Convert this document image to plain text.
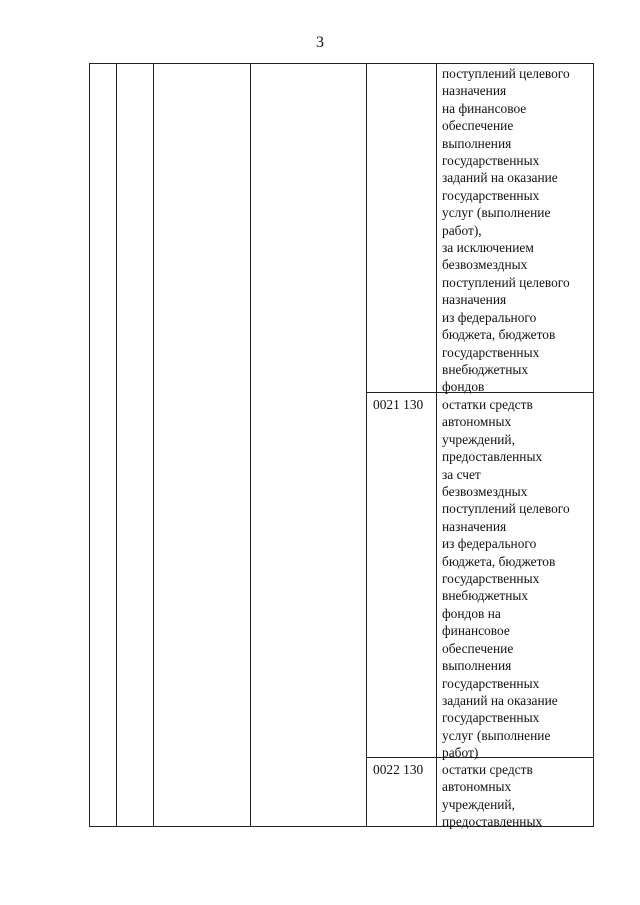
3
поступлений целевого
назначения
на финансовое
обеспечение
выполнения
государственных
заданий на оказание
государственных
услуг (выполнение
работ),
за исключением
безвозмездных
поступлений целевого
назначения
из федерального
бюджета, бюджетов
государственных
внебюджетных
фондов
0021 130 остатки средств
автономных
учреждений,
предоставленных
за счет
безвозмездных
поступлений целевого
назначения
из федерального
бюджета, бюджетов
государственных
внебюджетных
фондов на
финансовое
обеспечение
выполнения
государственных
заданий на оказание
государственных
услуг (выполнение
работ)
0022 130 остатки средств
автономных
учреждений,
предоставленных
